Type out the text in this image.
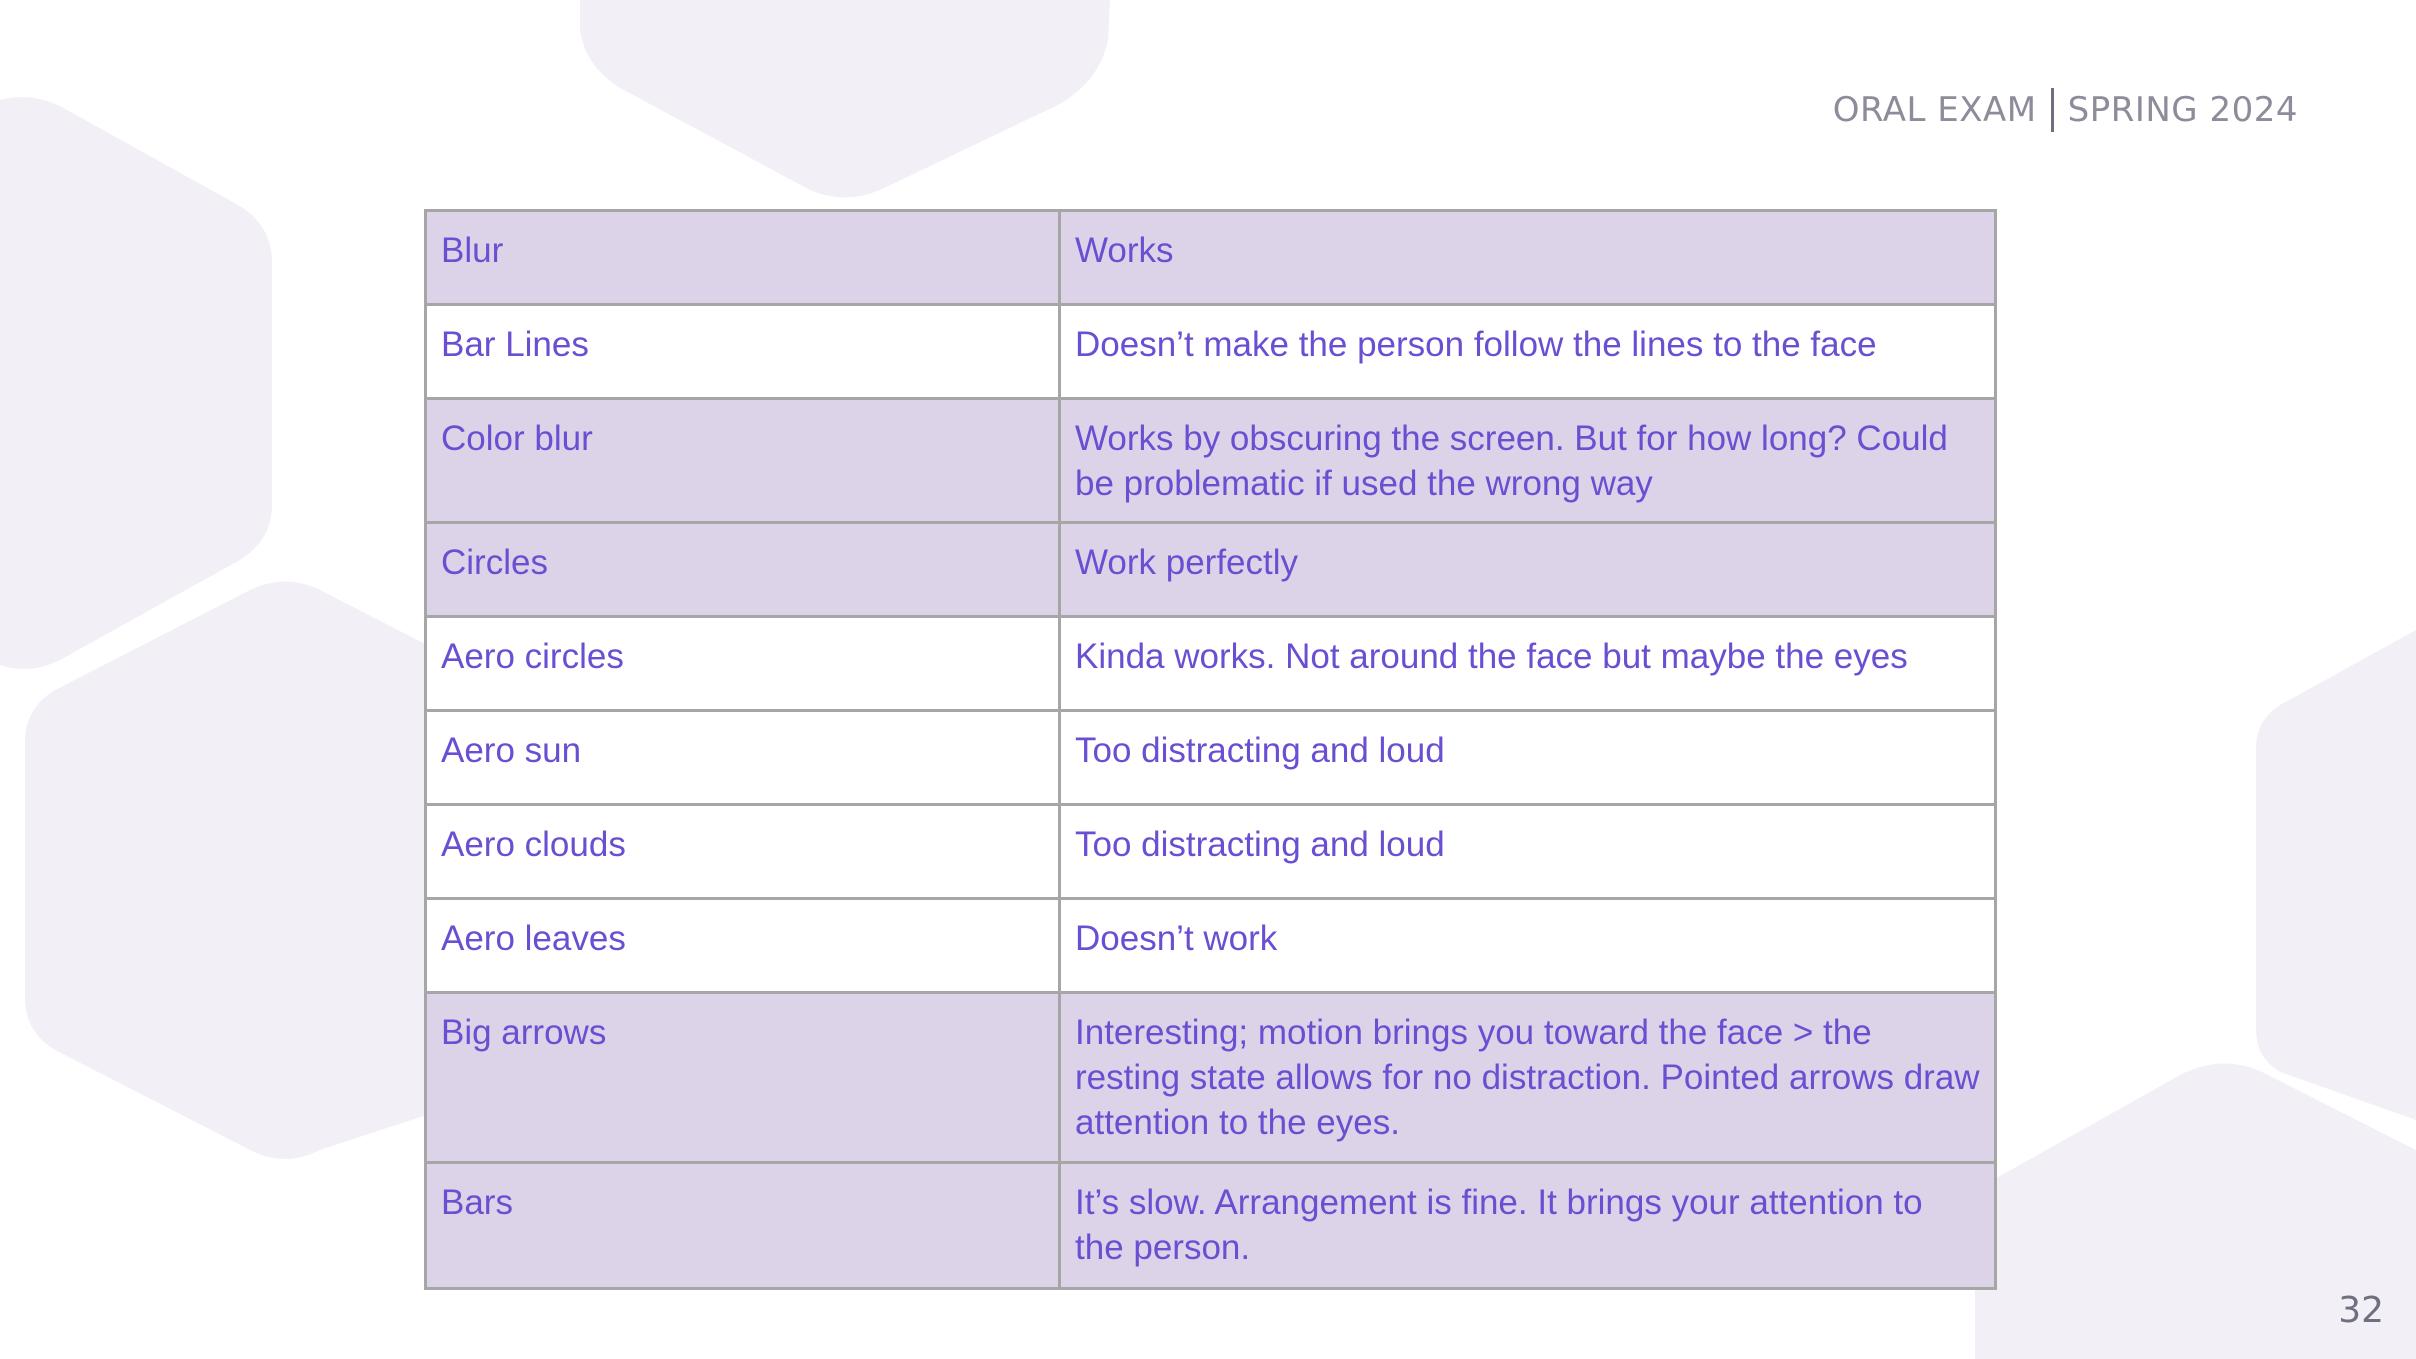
ORAL EXAM SPRING 2024
Blur	Works
Bar Lines	Doesn’t make the person follow the lines to the face
Color blur	Works by obscuring the screen. But for how long? Could be problematic if used the wrong way
Circles	Work perfectly
Aero circles	Kinda works. Not around the face but maybe the eyes
Aero sun	Too distracting and loud
Aero clouds	Too distracting and loud
Aero leaves	Doesn’t work
Big arrows	Interesting; motion brings you toward the face > the resting state allows for no distraction. Pointed arrows draw attention to the eyes.
Bars	It’s slow. Arrangement is fine. It brings your attention to the person.
32
